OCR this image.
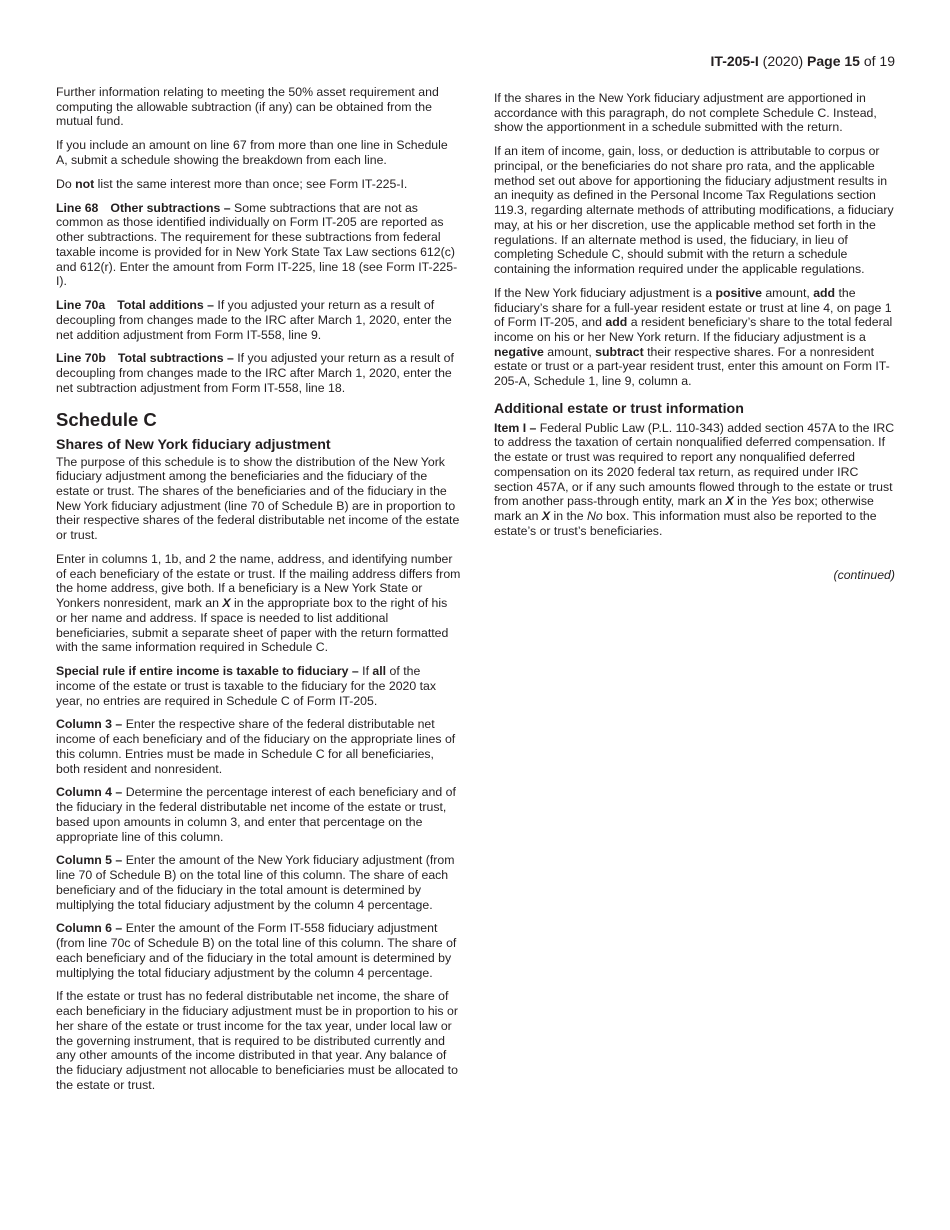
IT-205-I (2020) Page 15 of 19

Further information relating to meeting the 50% asset requirement and computing the allowable subtraction (if any) can be obtained from the mutual fund.

If you include an amount on line 67 from more than one line in Schedule A, submit a schedule showing the breakdown from each line.

Do not list the same interest more than once; see Form IT-225-I.

Line 68 Other subtractions – Some subtractions that are not as common as those identified individually on Form IT-205 are reported as other subtractions. The requirement for these subtractions from federal taxable income is provided for in New York State Tax Law sections 612(c) and 612(r). Enter the amount from Form IT-225, line 18 (see Form IT-225-I).

Line 70a Total additions – If you adjusted your return as a result of decoupling from changes made to the IRC after March 1, 2020, enter the net addition adjustment from Form IT-558, line 9.

Line 70b Total subtractions – If you adjusted your return as a result of decoupling from changes made to the IRC after March 1, 2020, enter the net subtraction adjustment from Form IT-558, line 18.

Schedule C
Shares of New York fiduciary adjustment

The purpose of this schedule is to show the distribution of the New York fiduciary adjustment among the beneficiaries and the fiduciary of the estate or trust. The shares of the beneficiaries and of the fiduciary in the New York fiduciary adjustment (line 70 of Schedule B) are in proportion to their respective shares of the federal distributable net income of the estate or trust.

Enter in columns 1, 1b, and 2 the name, address, and identifying number of each beneficiary of the estate or trust. If the mailing address differs from the home address, give both. If a beneficiary is a New York State or Yonkers nonresident, mark an X in the appropriate box to the right of his or her name and address. If space is needed to list additional beneficiaries, submit a separate sheet of paper with the return formatted with the same information required in Schedule C.

Special rule if entire income is taxable to fiduciary – If all of the income of the estate or trust is taxable to the fiduciary for the 2020 tax year, no entries are required in Schedule C of Form IT-205.

Column 3 – Enter the respective share of the federal distributable net income of each beneficiary and of the fiduciary on the appropriate lines of this column. Entries must be made in Schedule C for all beneficiaries, both resident and nonresident.

Column 4 – Determine the percentage interest of each beneficiary and of the fiduciary in the federal distributable net income of the estate or trust, based upon amounts in column 3, and enter that percentage on the appropriate line of this column.

Column 5 – Enter the amount of the New York fiduciary adjustment (from line 70 of Schedule B) on the total line of this column. The share of each beneficiary and of the fiduciary in the total amount is determined by multiplying the total fiduciary adjustment by the column 4 percentage.

Column 6 – Enter the amount of the Form IT-558 fiduciary adjustment (from line 70c of Schedule B) on the total line of this column. The share of each beneficiary and of the fiduciary in the total amount is determined by multiplying the total fiduciary adjustment by the column 4 percentage.

If the estate or trust has no federal distributable net income, the share of each beneficiary in the fiduciary adjustment must be in proportion to his or her share of the estate or trust income for the tax year, under local law or the governing instrument, that is required to be distributed currently and any other amounts of the income distributed in that year. Any balance of the fiduciary adjustment not allocable to beneficiaries must be allocated to the estate or trust.

If the shares in the New York fiduciary adjustment are apportioned in accordance with this paragraph, do not complete Schedule C. Instead, show the apportionment in a schedule submitted with the return.

If an item of income, gain, loss, or deduction is attributable to corpus or principal, or the beneficiaries do not share pro rata, and the applicable method set out above for apportioning the fiduciary adjustment results in an inequity as defined in the Personal Income Tax Regulations section 119.3, regarding alternate methods of attributing modifications, a fiduciary may, at his or her discretion, use the applicable method set forth in the regulations. If an alternate method is used, the fiduciary, in lieu of completing Schedule C, should submit with the return a schedule containing the information required under the applicable regulations.

If the New York fiduciary adjustment is a positive amount, add the fiduciary’s share for a full-year resident estate or trust at line 4, on page 1 of Form IT-205, and add a resident beneficiary’s share to the total federal income on his or her New York return. If the fiduciary adjustment is a negative amount, subtract their respective shares. For a nonresident estate or trust or a part-year resident trust, enter this amount on Form IT-205-A, Schedule 1, line 9, column a.

Additional estate or trust information

Item I – Federal Public Law (P.L. 110-343) added section 457A to the IRC to address the taxation of certain nonqualified deferred compensation. If the estate or trust was required to report any nonqualified deferred compensation on its 2020 federal tax return, as required under IRC section 457A, or if any such amounts flowed through to the estate or trust from another pass-through entity, mark an X in the Yes box; otherwise mark an X in the No box. This information must also be reported to the estate’s or trust’s beneficiaries.

(continued)
